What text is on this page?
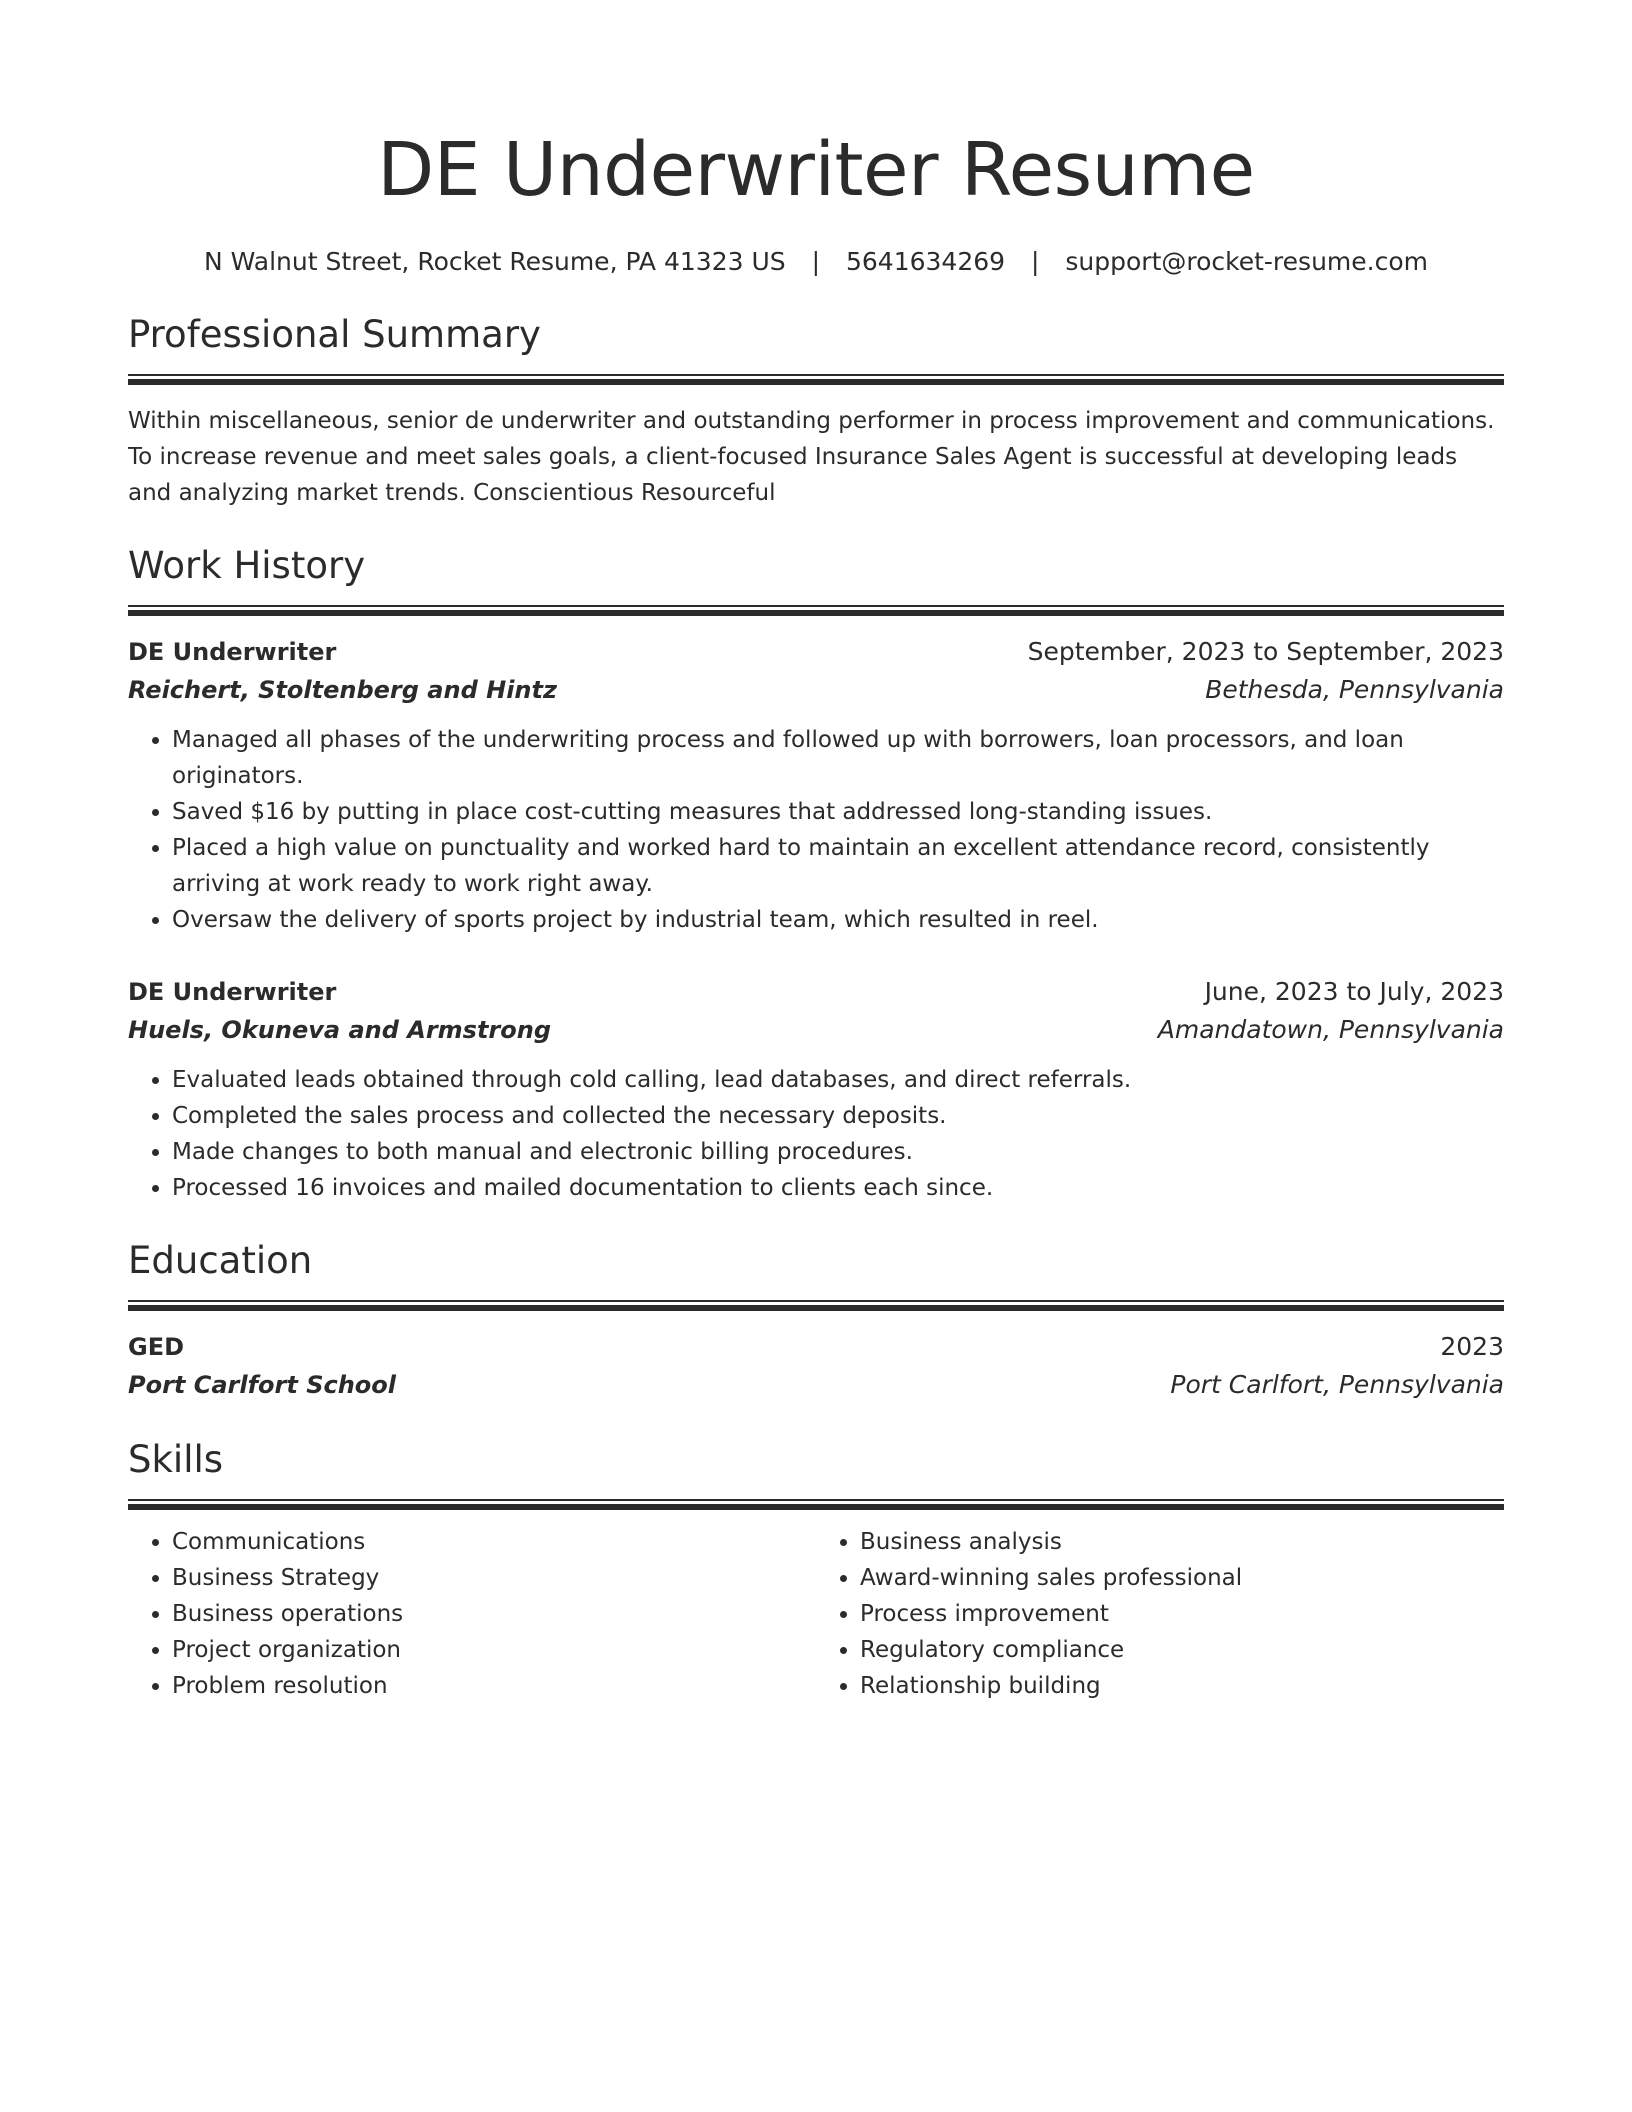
DE Underwriter Resume
N Walnut Street, Rocket Resume, PA 41323 US | 5641634269 | support@rocket-resume.com
Professional Summary
Within miscellaneous, senior de underwriter and outstanding performer in process improvement and communications. To increase revenue and meet sales goals, a client-focused Insurance Sales Agent is successful at developing leads and analyzing market trends. Conscientious Resourceful
Work History
DE Underwriter	September, 2023 to September, 2023
Reichert, Stoltenberg and Hintz	Bethesda, Pennsylvania
• Managed all phases of the underwriting process and followed up with borrowers, loan processors, and loan originators.
• Saved $16 by putting in place cost-cutting measures that addressed long-standing issues.
• Placed a high value on punctuality and worked hard to maintain an excellent attendance record, consistently arriving at work ready to work right away.
• Oversaw the delivery of sports project by industrial team, which resulted in reel.
DE Underwriter	June, 2023 to July, 2023
Huels, Okuneva and Armstrong	Amandatown, Pennsylvania
• Evaluated leads obtained through cold calling, lead databases, and direct referrals.
• Completed the sales process and collected the necessary deposits.
• Made changes to both manual and electronic billing procedures.
• Processed 16 invoices and mailed documentation to clients each since.
Education
GED	2023
Port Carlfort School	Port Carlfort, Pennsylvania
Skills
• Communications
• Business Strategy
• Business operations
• Project organization
• Problem resolution
• Business analysis
• Award-winning sales professional
• Process improvement
• Regulatory compliance
• Relationship building
